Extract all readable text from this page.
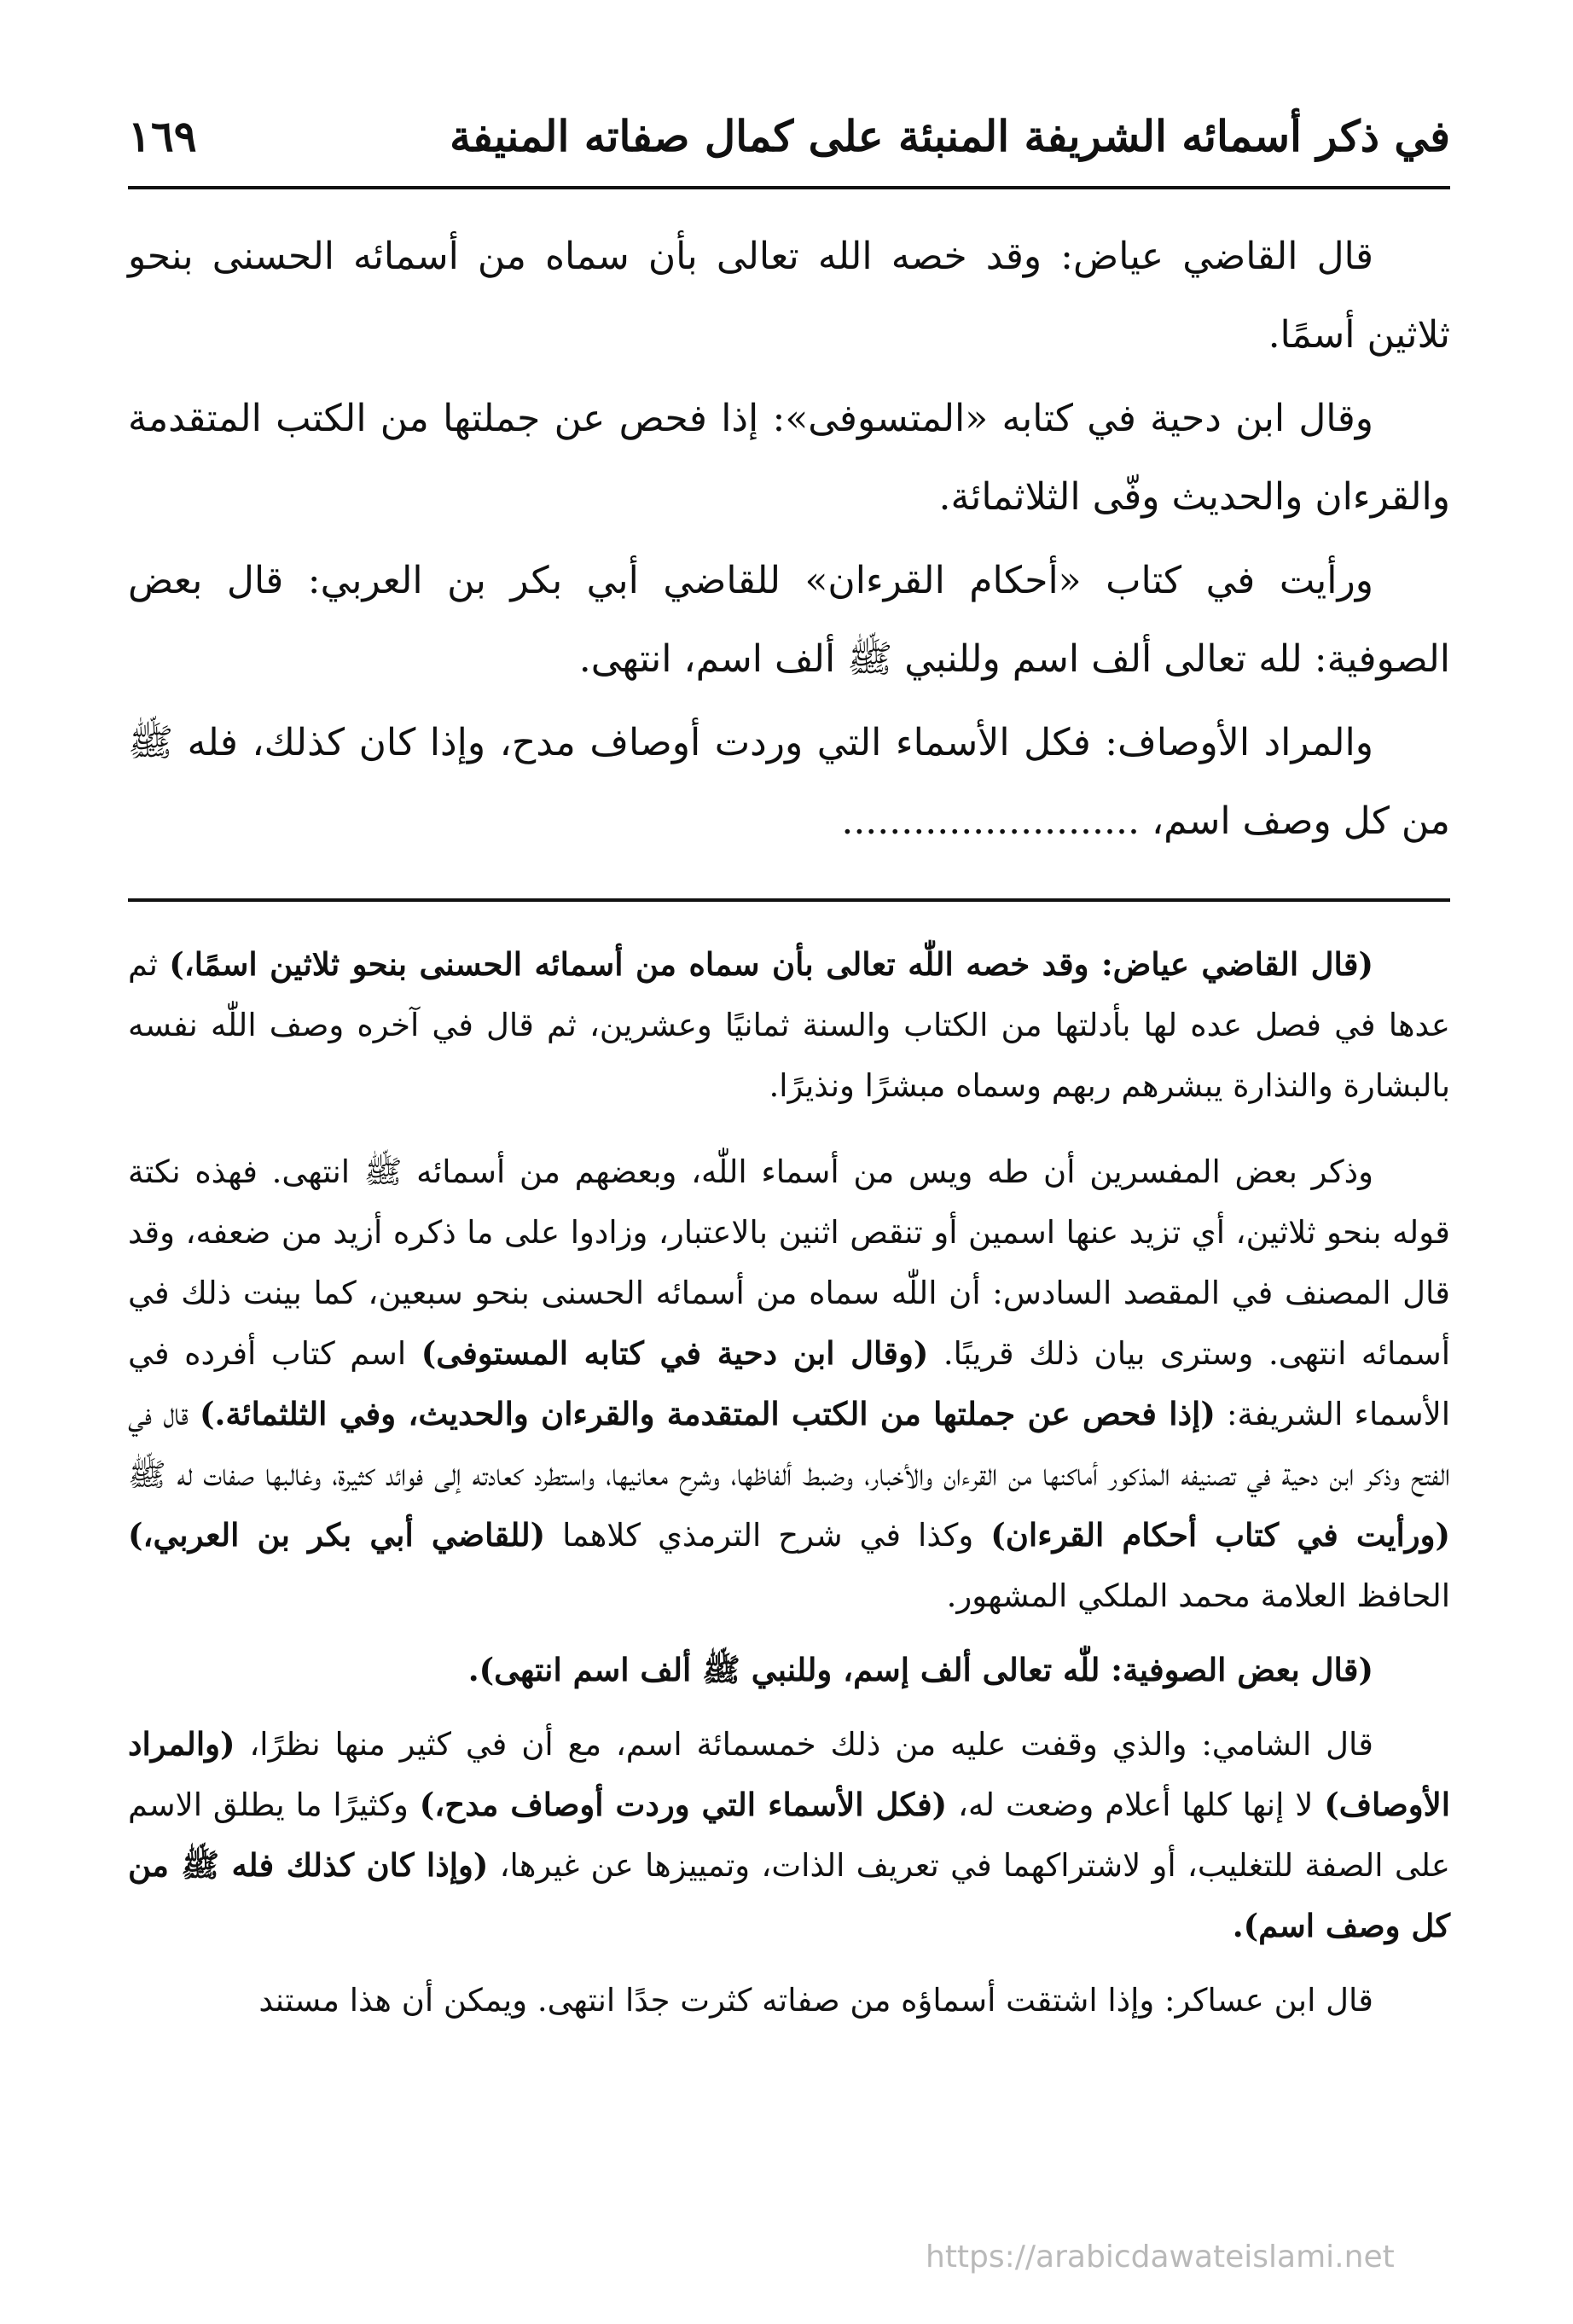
في ذكر أسمائه الشريفة المنبئة على كمال صفاته المنيفة
١٦٩

قال القاضي عياض: وقد خصه الله تعالى بأن سماه من أسمائه الحسنى بنحو ثلاثين أسمًا.

وقال ابن دحية في كتابه «المتسوفى»: إذا فحص عن جملتها من الكتب المتقدمة والقرءان والحديث وفّى الثلاثمائة.

ورأيت في كتاب «أحكام القرءان» للقاضي أبي بكر بن العربي: قال بعض الصوفية: لله تعالى ألف اسم وللنبي ﷺ ألف اسم، انتهى.

والمراد الأوصاف: فكل الأسماء التي وردت أوصاف مدح، وإذا كان كذلك، فله ﷺ من كل وصف اسم، .........................

(قال القاضي عياض: وقد خصه اللّٰه تعالى بأن سماه من أسمائه الحسنى بنحو ثلاثين اسمًا،) ثم عدها في فصل عده لها بأدلتها من الكتاب والسنة ثمانيًا وعشرين، ثم قال في آخره وصف اللّٰه نفسه بالبشارة والنذارة يبشرهم ربهم وسماه مبشرًا ونذيرًا.

وذكر بعض المفسرين أن طه ويس من أسماء اللّٰه، وبعضهم من أسمائه ﷺ انتهى. فهذه نكتة قوله بنحو ثلاثين، أي تزيد عنها اسمين أو تنقص اثنين بالاعتبار، وزادوا على ما ذكره أزيد من ضعفه، وقد قال المصنف في المقصد السادس: أن اللّٰه سماه من أسمائه الحسنى بنحو سبعين، كما بينت ذلك في أسمائه انتهى. وسترى بيان ذلك قريبًا. (وقال ابن دحية في كتابه المستوفى) اسم كتاب أفرده في الأسماء الشريفة: (إذا فحص عن جملتها من الكتب المتقدمة والقرءان والحديث، وفي الثلثمائة.) قال في الفتح وذكر ابن دحية في تصنيفه المذكور أماكنها من القرءان والأخبار، وضبط ألفاظها، وشرح معانيها، واستطرد كعادته إلى فوائد كثيرة، وغالبها صفات له ﷺ (ورأيت في كتاب أحكام القرءان) وكذا في شرح الترمذي كلاهما (للقاضي أبي بكر بن العربي،) الحافظ العلامة محمد الملكي المشهور.

(قال بعض الصوفية: للّٰه تعالى ألف إسم، وللنبي ﷺ ألف اسم انتهى).

قال الشامي: والذي وقفت عليه من ذلك خمسمائة اسم، مع أن في كثير منها نظرًا، (والمراد الأوصاف) لا إنها كلها أعلام وضعت له، (فكل الأسماء التي وردت أوصاف مدح،) وكثيرًا ما يطلق الاسم على الصفة للتغليب، أو لاشتراكهما في تعريف الذات، وتمييزها عن غيرها، (وإذا كان كذلك فله ﷺ من كل وصف اسم).

قال ابن عساكر: وإذا اشتقت أسماؤه من صفاته كثرت جدًا انتهى. ويمكن أن هذا مستند

https://arabicdawateislami.net
